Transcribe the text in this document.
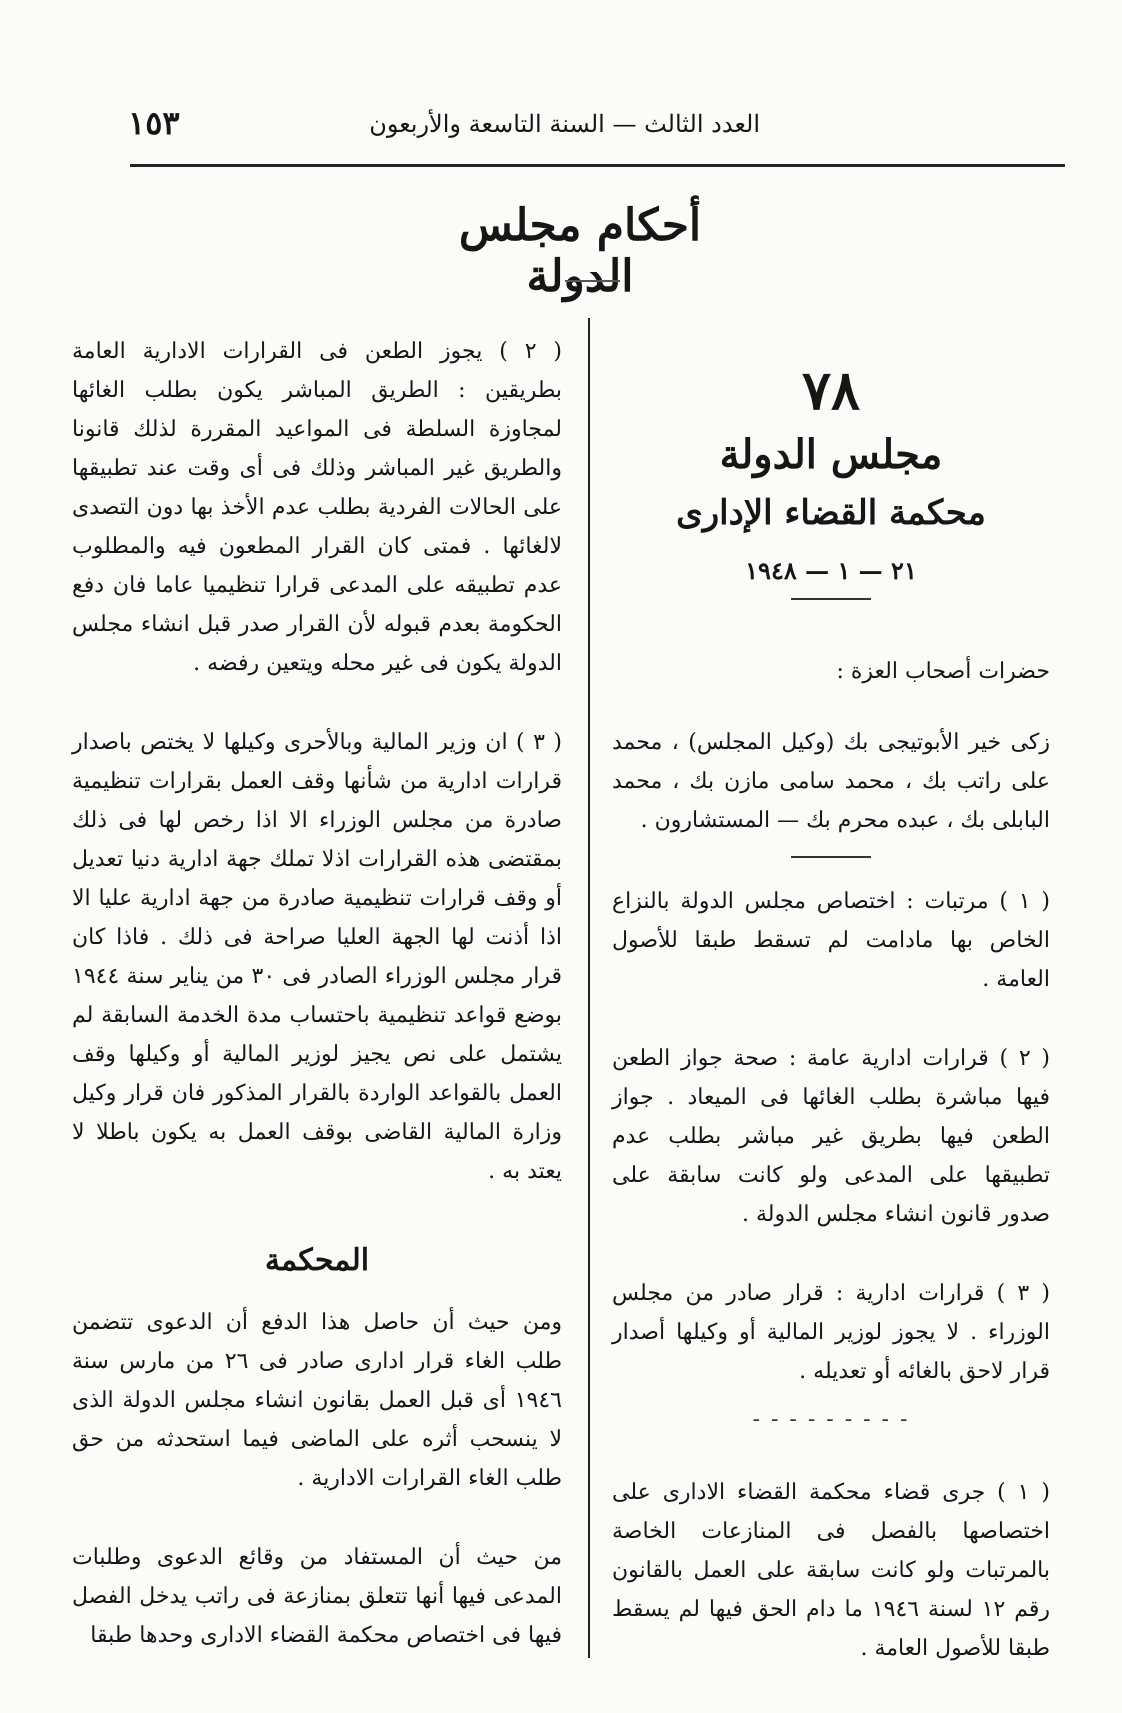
١٥٣	العدد الثالث — السنة التاسعة والأربعون
أحكام مجلس الدولة
٧٨
مجلس الدولة
محكمة القضاء الإدارى
٢١ — ١ — ١٩٤٨

حضرات أصحاب العزة :

زكى خير الأبوتيجى بك (وكيل المجلس) ، محمد على راتب بك ، محمد سامى مازن بك ، محمد البابلى بك ، عبده محرم بك — المستشارون .

( ١ ) مرتبات : اختصاص مجلس الدولة بالنزاع الخاص بها مادامت لم تسقط طبقا للأصول العامة .

( ٢ ) قرارات ادارية عامة : صحة جواز الطعن فيها مباشرة بطلب الغائها فى الميعاد . جواز الطعن فيها بطريق غير مباشر بطلب عدم تطبيقها على المدعى ولو كانت سابقة على صدور قانون انشاء مجلس الدولة .

( ٣ ) قرارات ادارية : قرار صادر من مجلس الوزراء . لا يجوز لوزير المالية أو وكيلها أصدار قرار لاحق بالغائه أو تعديله .

- - - - - - - - -

( ١ ) جرى قضاء محكمة القضاء الادارى على اختصاصها بالفصل فى المنازعات الخاصة بالمرتبات ولو كانت سابقة على العمل بالقانون رقم ١٢ لسنة ١٩٤٦ ما دام الحق فيها لم يسقط طبقا للأصول العامة .

( ٢ ) يجوز الطعن فى القرارات الادارية العامة بطريقين : الطريق المباشر يكون بطلب الغائها لمجاوزة السلطة فى المواعيد المقررة لذلك قانونا والطريق غير المباشر وذلك فى أى وقت عند تطبيقها على الحالات الفردية بطلب عدم الأخذ بها دون التصدى لالغائها . فمتى كان القرار المطعون فيه والمطلوب عدم تطبيقه على المدعى قرارا تنظيميا عاما فان دفع الحكومة بعدم قبوله لأن القرار صدر قبل انشاء مجلس الدولة يكون فى غير محله ويتعين رفضه .

( ٣ ) ان وزير المالية وبالأحرى وكيلها لا يختص باصدار قرارات ادارية من شأنها وقف العمل بقرارات تنظيمية صادرة من مجلس الوزراء الا اذا رخص لها فى ذلك بمقتضى هذه القرارات اذلا تملك جهة ادارية دنيا تعديل أو وقف قرارات تنظيمية صادرة من جهة ادارية عليا الا اذا أذنت لها الجهة العليا صراحة فى ذلك . فاذا كان قرار مجلس الوزراء الصادر فى ٣٠ من يناير سنة ١٩٤٤ بوضع قواعد تنظيمية باحتساب مدة الخدمة السابقة لم يشتمل على نص يجيز لوزير المالية أو وكيلها وقف العمل بالقواعد الواردة بالقرار المذكور فان قرار وكيل وزارة المالية القاضى بوقف العمل به يكون باطلا لا يعتد به .

المحكمة

ومن حيث أن حاصل هذا الدفع أن الدعوى تتضمن طلب الغاء قرار ادارى صادر فى ٢٦ من مارس سنة ١٩٤٦ أى قبل العمل بقانون انشاء مجلس الدولة الذى لا ينسحب أثره على الماضى فيما استحدثه من حق طلب الغاء القرارات الادارية .

من حيث أن المستفاد من وقائع الدعوى وطلبات المدعى فيها أنها تتعلق بمنازعة فى راتب يدخل الفصل فيها فى اختصاص محكمة القضاء الادارى وحدها طبقا
